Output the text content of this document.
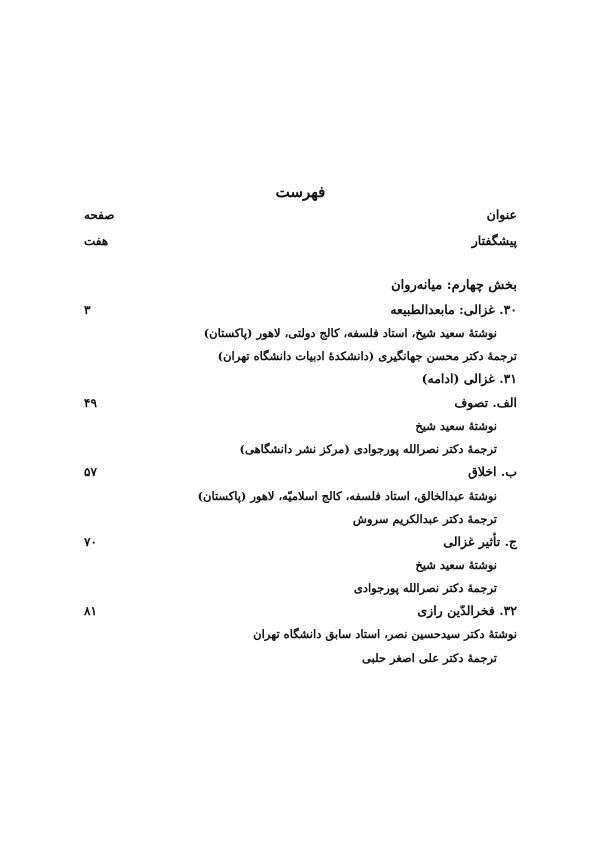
فهرست
عنوان
صفحه
پیشگفتار
هفت
بخش چهارم: میانه‌روان
۳۰. غزالی: مابعدالطبیعه
۳
نوشتهٔ سعید شیخ، استاد فلسفه، کالج دولتی، لاهور (پاکستان)
ترجمهٔ دکتر محسن جهانگیری (دانشکدهٔ ادبیات دانشگاه تهران)
۳۱. غزالی (ادامه)
الف. تصوف
۴۹
نوشتهٔ سعید شیخ
ترجمهٔ دکتر نصرالله پورجوادی (مرکز نشر دانشگاهی)
ب. اخلاق
۵۷
نوشتهٔ عبدالخالق، استاد فلسفه، کالج اسلامیّه، لاهور (پاکستان)
ترجمهٔ دکتر عبدالکریم سروش
ج. تأثیر غزالی
۷۰
نوشتهٔ سعید شیخ
ترجمهٔ دکتر نصرالله پورجوادی
۳۲. فخرالدّین رازی
۸۱
نوشتهٔ دکتر سیدحسین نصر، استاد سابق دانشگاه تهران
ترجمهٔ دکتر علی اصغر حلبی
